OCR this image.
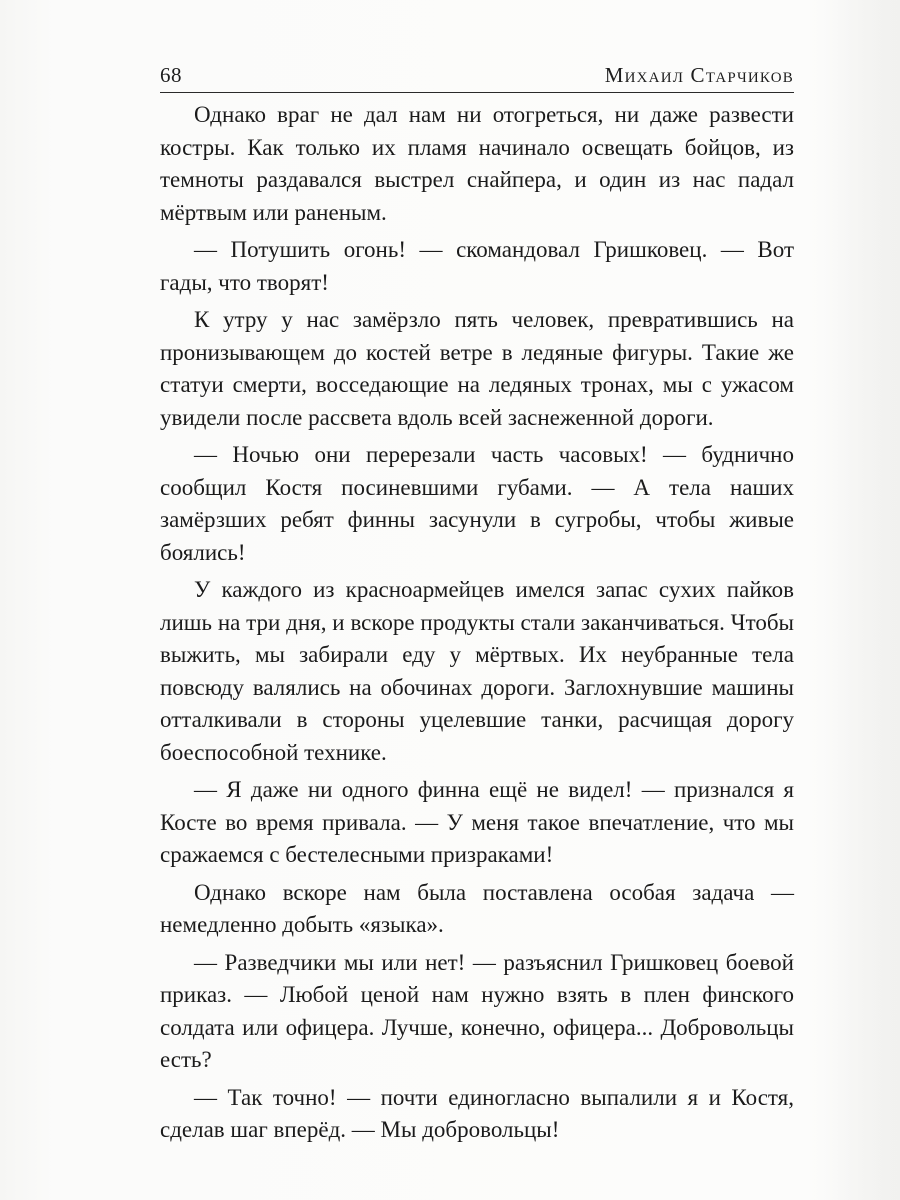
68	Михаил Старчиков

Однако враг не дал нам ни отогреться, ни даже развести костры. Как только их пламя начинало освещать бойцов, из темноты раздавался выстрел снайпера, и один из нас падал мёртвым или раненым.

— Потушить огонь! — скомандовал Гришковец. — Вот гады, что творят!

К утру у нас замёрзло пять человек, превратившись на пронизывающем до костей ветре в ледяные фигуры. Такие же статуи смерти, восседающие на ледяных тронах, мы с ужасом увидели после рассвета вдоль всей заснеженной дороги.

— Ночью они перерезали часть часовых! — буднично сообщил Костя посиневшими губами. — А тела наших замёрзших ребят финны засунули в сугробы, чтобы живые боялись!

У каждого из красноармейцев имелся запас сухих пайков лишь на три дня, и вскоре продукты стали заканчиваться. Чтобы выжить, мы забирали еду у мёртвых. Их неубранные тела повсюду валялись на обочинах дороги. Заглохнувшие машины отталкивали в стороны уцелевшие танки, расчищая дорогу боеспособной технике.

— Я даже ни одного финна ещё не видел! — признался я Косте во время привала. — У меня такое впечатление, что мы сражаемся с бестелесными призраками!

Однако вскоре нам была поставлена особая задача — немедленно добыть «языка».

— Разведчики мы или нет! — разъяснил Гришковец боевой приказ. — Любой ценой нам нужно взять в плен финского солдата или офицера. Лучше, конечно, офицера... Добровольцы есть?

— Так точно! — почти единогласно выпалили я и Костя, сделав шаг вперёд. — Мы добровольцы!
